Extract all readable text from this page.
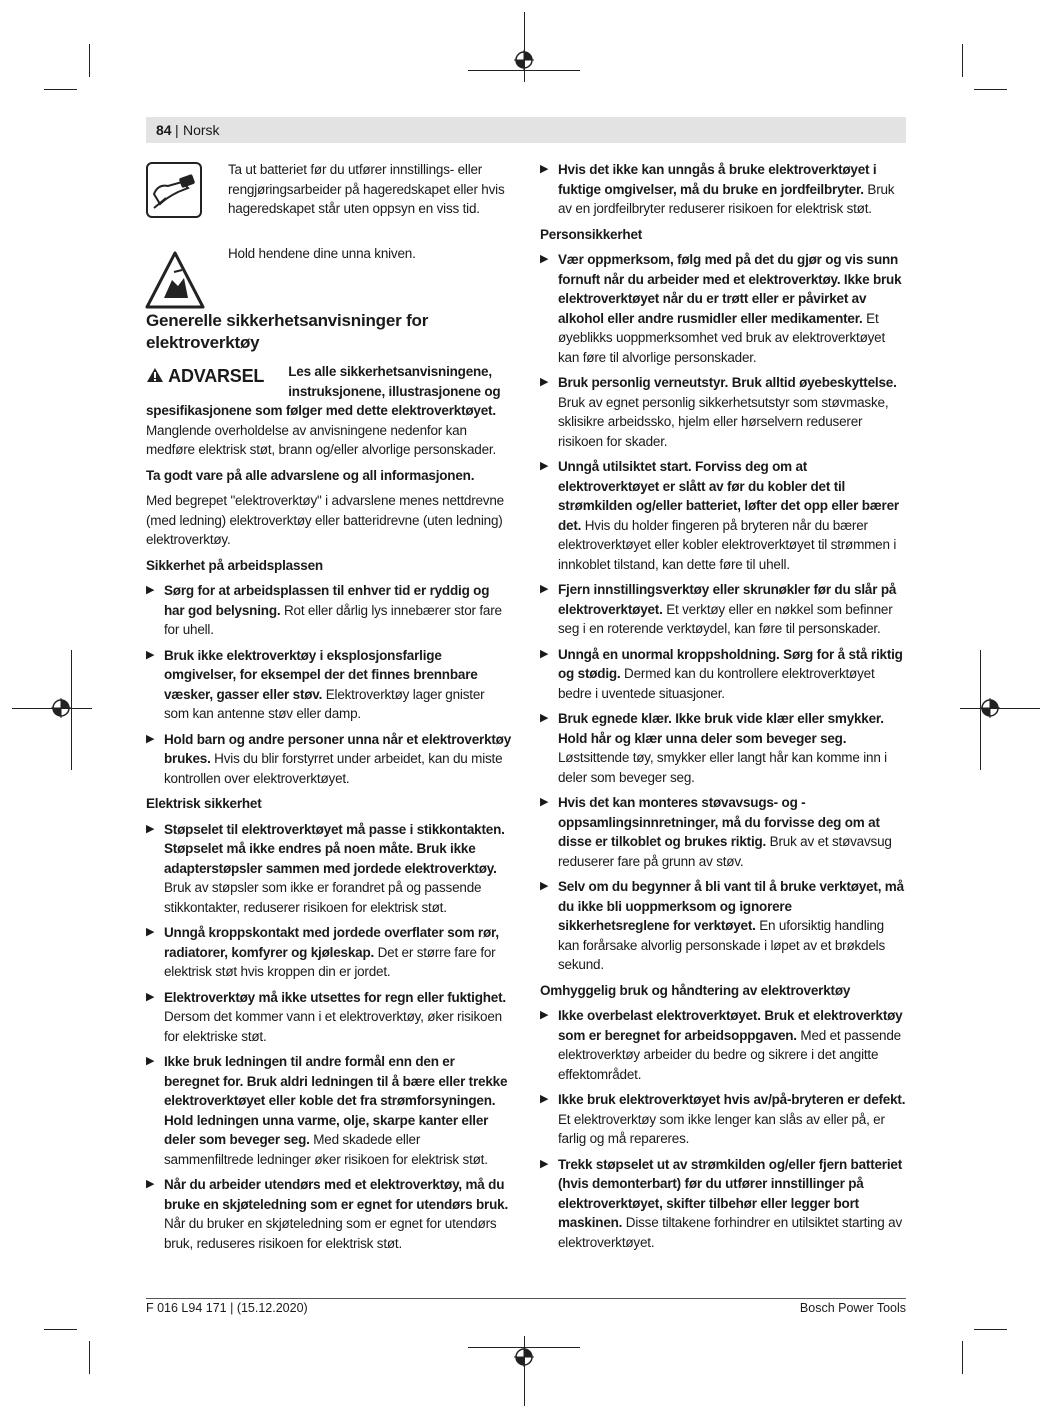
84 | Norsk

Ta ut batteriet før du utfører innstillings- eller rengjøringsarbeider på hageredskapet eller hvis hageredskapet står uten oppsyn en viss tid.

Hold hendene dine unna kniven.

Generelle sikkerhetsanvisninger for elektroverktøy

ADVARSEL	Les alle sikkerhetsanvisningene, instruksjonene, illustrasjonene og spesifikasjonene som følger med dette elektroverktøyet. Manglende overholdelse av anvisningene nedenfor kan medføre elektrisk støt, brann og/eller alvorlige personskader.

Ta godt vare på alle advarslene og all informasjonen.

Med begrepet "elektroverktøy" i advarslene menes nettdrevne (med ledning) elektroverktøy eller batteridrevne (uten ledning) elektroverktøy.

Sikkerhet på arbeidsplassen

▶ Sørg for at arbeidsplassen til enhver tid er ryddig og har god belysning. Rot eller dårlig lys innebærer stor fare for uhell.
▶ Bruk ikke elektroverktøy i eksplosjonsfarlige omgivelser, for eksempel der det finnes brennbare væsker, gasser eller støv. Elektroverktøy lager gnister som kan antenne støv eller damp.
▶ Hold barn og andre personer unna når et elektroverktøy brukes. Hvis du blir forstyrret under arbeidet, kan du miste kontrollen over elektroverktøyet.

Elektrisk sikkerhet

▶ Støpselet til elektroverktøyet må passe i stikkontakten. Støpselet må ikke endres på noen måte. Bruk ikke adapterstøpsler sammen med jordede elektroverktøy. Bruk av støpsler som ikke er forandret på og passende stikkontakter, reduserer risikoen for elektrisk støt.
▶ Unngå kroppskontakt med jordede overflater som rør, radiatorer, komfyrer og kjøleskap. Det er større fare for elektrisk støt hvis kroppen din er jordet.
▶ Elektroverktøy må ikke utsettes for regn eller fuktighet. Dersom det kommer vann i et elektroverktøy, øker risikoen for elektriske støt.
▶ Ikke bruk ledningen til andre formål enn den er beregnet for. Bruk aldri ledningen til å bære eller trekke elektroverktøyet eller koble det fra strømforsyningen. Hold ledningen unna varme, olje, skarpe kanter eller deler som beveger seg. Med skadede eller sammenfiltrede ledninger øker risikoen for elektrisk støt.
▶ Når du arbeider utendørs med et elektroverktøy, må du bruke en skjøteledning som er egnet for utendørs bruk. Når du bruker en skjøteledning som er egnet for utendørs bruk, reduseres risikoen for elektrisk støt.
▶ Hvis det ikke kan unngås å bruke elektroverktøyet i fuktige omgivelser, må du bruke en jordfeilbryter. Bruk av en jordfeilbryter reduserer risikoen for elektrisk støt.

Personsikkerhet

▶ Vær oppmerksom, følg med på det du gjør og vis sunn fornuft når du arbeider med et elektroverktøy. Ikke bruk elektroverktøyet når du er trøtt eller er påvirket av alkohol eller andre rusmidler eller medikamenter. Et øyeblikks uoppmerksomhet ved bruk av elektroverktøyet kan føre til alvorlige personskader.
▶ Bruk personlig verneutstyr. Bruk alltid øyebeskyttelse. Bruk av egnet personlig sikkerhetsutstyr som støvmaske, sklisikre arbeidssko, hjelm eller hørselvern reduserer risikoen for skader.
▶ Unngå utilsiktet start. Forviss deg om at elektroverktøyet er slått av før du kobler det til strømkilden og/eller batteriet, løfter det opp eller bærer det. Hvis du holder fingeren på bryteren når du bærer elektroverktøyet eller kobler elektroverktøyet til strømmen i innkoblet tilstand, kan dette føre til uhell.
▶ Fjern innstillingsverktøy eller skrunøkler før du slår på elektroverktøyet. Et verktøy eller en nøkkel som befinner seg i en roterende verktøydel, kan føre til personskader.
▶ Unngå en unormal kroppsholdning. Sørg for å stå riktig og stødig. Dermed kan du kontrollere elektroverktøyet bedre i uventede situasjoner.
▶ Bruk egnede klær. Ikke bruk vide klær eller smykker. Hold hår og klær unna deler som beveger seg. Løstsittende tøy, smykker eller langt hår kan komme inn i deler som beveger seg.
▶ Hvis det kan monteres støvavsugs- og -oppsamlingsinnretninger, må du forvisse deg om at disse er tilkoblet og brukes riktig. Bruk av et støvavsug reduserer fare på grunn av støv.
▶ Selv om du begynner å bli vant til å bruke verktøyet, må du ikke bli uoppmerksom og ignorere sikkerhetsreglene for verktøyet. En uforsiktig handling kan forårsake alvorlig personskade i løpet av et brøkdels sekund.

Omhyggelig bruk og håndtering av elektroverktøy

▶ Ikke overbelast elektroverktøyet. Bruk et elektroverktøy som er beregnet for arbeidsoppgaven. Med et passende elektroverktøy arbeider du bedre og sikrere i det angitte effektområdet.
▶ Ikke bruk elektroverktøyet hvis av/på-bryteren er defekt. Et elektroverktøy som ikke lenger kan slås av eller på, er farlig og må repareres.
▶ Trekk støpselet ut av strømkilden og/eller fjern batteriet (hvis demonterbart) før du utfører innstillinger på elektroverktøyet, skifter tilbehør eller legger bort maskinen. Disse tiltakene forhindrer en utilsiktet starting av elektroverktøyet.
F 016 L94 171 | (15.12.2020)	Bosch Power Tools
